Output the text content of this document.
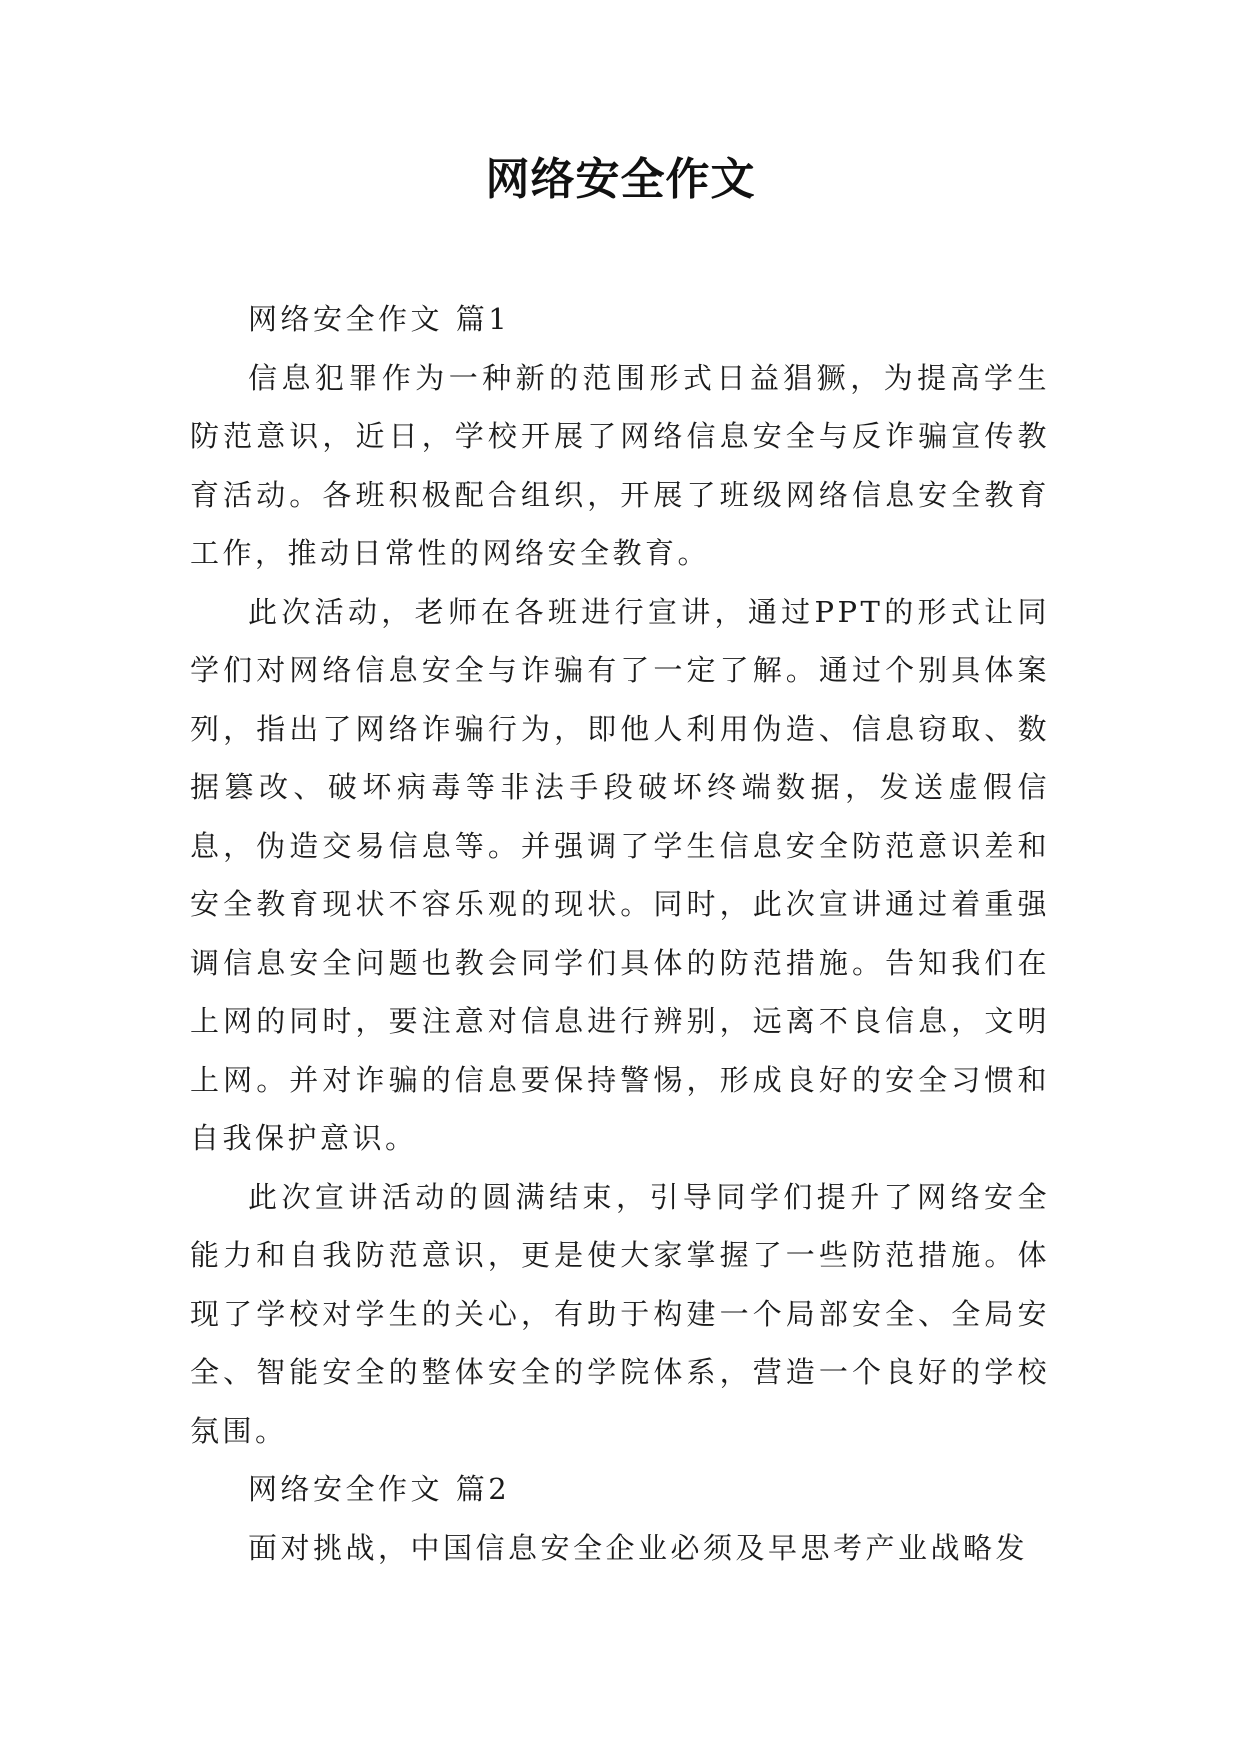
网络安全作文

网络安全作文 篇1

信息犯罪作为一种新的范围形式日益猖獗，为提高学生防范意识，近日，学校开展了网络信息安全与反诈骗宣传教育活动。各班积极配合组织，开展了班级网络信息安全教育工作，推动日常性的网络安全教育。

此次活动，老师在各班进行宣讲，通过PPT的形式让同学们对网络信息安全与诈骗有了一定了解。通过个别具体案列，指出了网络诈骗行为，即他人利用伪造、信息窃取、数据篡改、破坏病毒等非法手段破坏终端数据，发送虚假信息，伪造交易信息等。并强调了学生信息安全防范意识差和安全教育现状不容乐观的现状。同时，此次宣讲通过着重强调信息安全问题也教会同学们具体的防范措施。告知我们在上网的同时，要注意对信息进行辨别，远离不良信息，文明上网。并对诈骗的信息要保持警惕，形成良好的安全习惯和自我保护意识。

此次宣讲活动的圆满结束，引导同学们提升了网络安全能力和自我防范意识，更是使大家掌握了一些防范措施。体现了学校对学生的关心，有助于构建一个局部安全、全局安全、智能安全的整体安全的学院体系，营造一个良好的学校氛围。

网络安全作文 篇2

面对挑战，中国信息安全企业必须及早思考产业战略发
